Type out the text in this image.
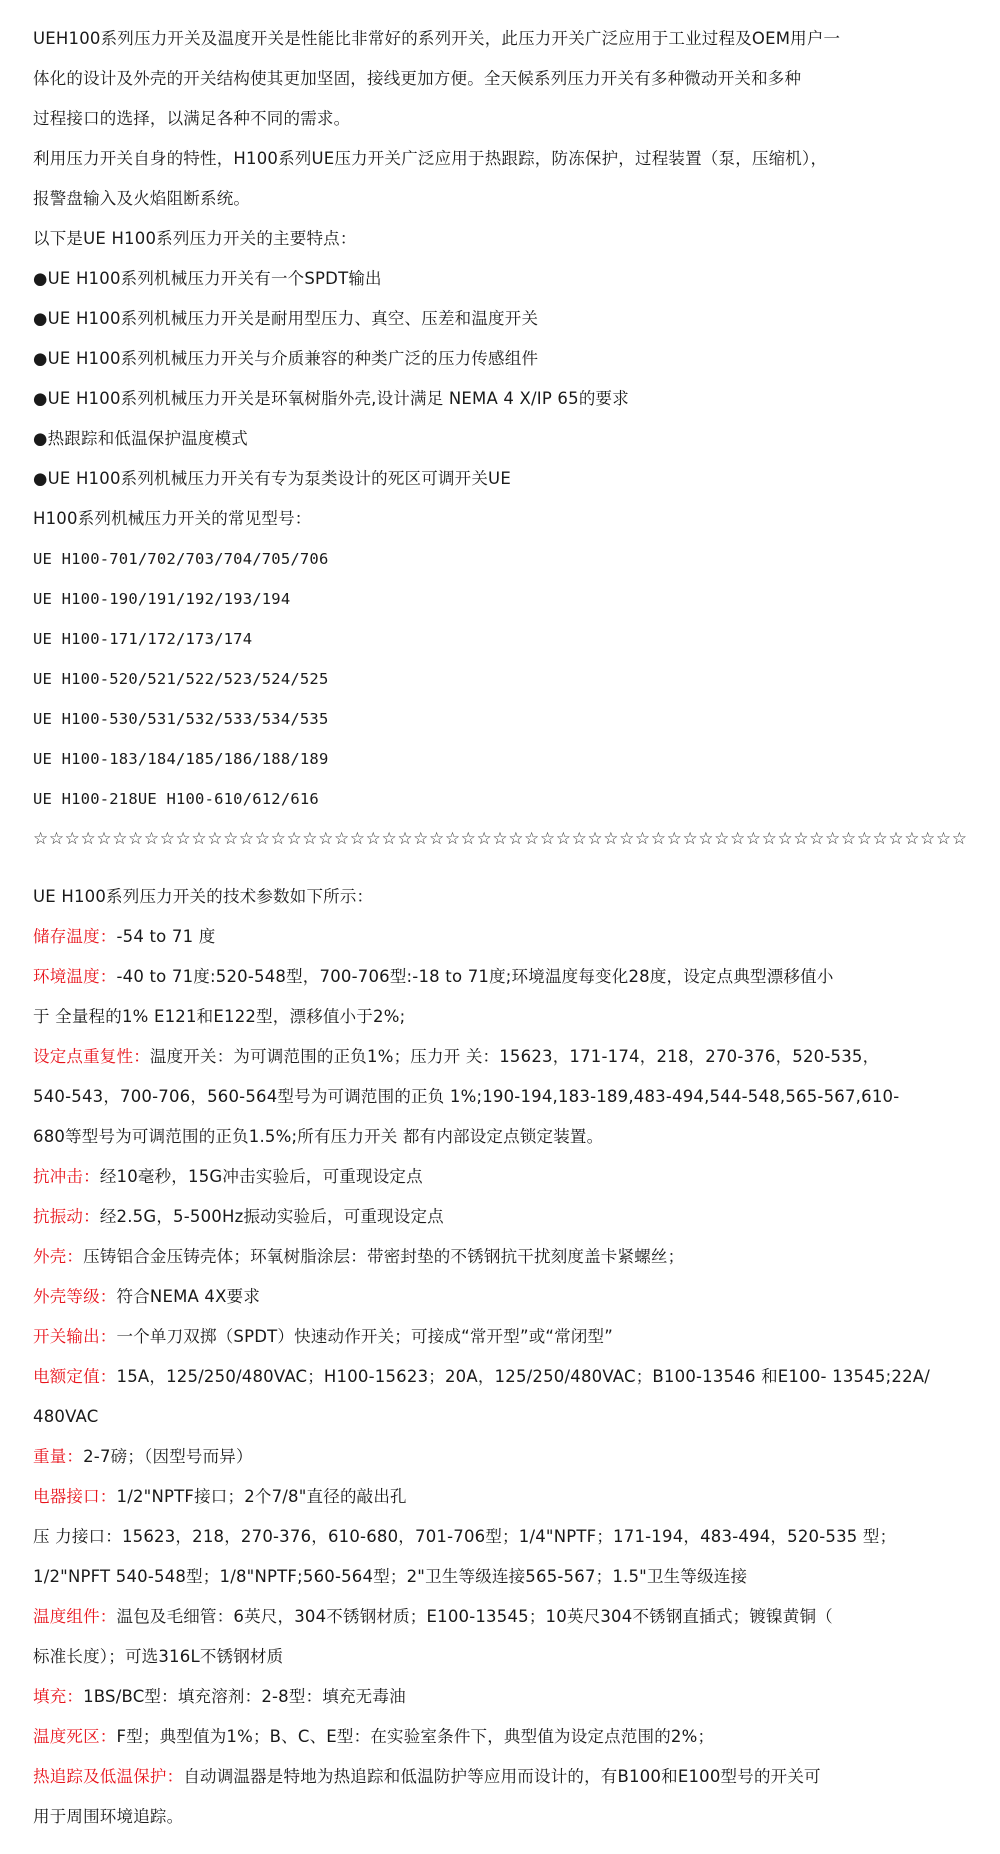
UEH100系列压力开关及温度开关是性能比非常好的系列开关，此压力开关广泛应用于工业过程及OEM用户一
体化的设计及外壳的开关结构使其更加坚固，接线更加方便。全天候系列压力开关有多种微动开关和多种
过程接口的选择，以满足各种不同的需求。
利用压力开关自身的特性，H100系列UE压力开关广泛应用于热跟踪，防冻保护，过程装置（泵，压缩机），
报警盘输入及火焰阻断系统。
以下是UE H100系列压力开关的主要特点：
●UE H100系列机械压力开关有一个SPDT输出
●UE H100系列机械压力开关是耐用型压力、真空、压差和温度开关
●UE H100系列机械压力开关与介质兼容的种类广泛的压力传感组件
●UE H100系列机械压力开关是环氧树脂外壳,设计满足 NEMA 4 X/IP 65的要求
●热跟踪和低温保护温度模式
●UE H100系列机械压力开关有专为泵类设计的死区可调开关UE
H100系列机械压力开关的常见型号：
UE H100-701/702/703/704/705/706
UE H100-190/191/192/193/194
UE H100-171/172/173/174
UE H100-520/521/522/523/524/525
UE H100-530/531/532/533/534/535
UE H100-183/184/185/186/188/189
UE H100-218UE H100-610/612/616
☆☆☆☆☆☆☆☆☆☆☆☆☆☆☆☆☆☆☆☆☆☆☆☆☆☆☆☆☆☆☆☆☆☆☆☆☆☆☆☆☆☆☆☆☆☆☆☆☆☆☆☆☆☆☆☆☆☆☆
UE H100系列压力开关的技术参数如下所示：
储存温度：-54 to 71 度
环境温度：-40 to 71度:520-548型，700-706型:-18 to 71度;环境温度每变化28度，设定点典型漂移值小
于 全量程的1% E121和E122型，漂移值小于2%;
设定点重复性：温度开关：为可调范围的正负1%；压力开 关：15623，171-174，218，270-376，520-535，
540-543，700-706，560-564型号为可调范围的正负 1%;190-194,183-189,483-494,544-548,565-567,610-
680等型号为可调范围的正负1.5%;所有压力开关 都有内部设定点锁定装置。
抗冲击：经10毫秒，15G冲击实验后，可重现设定点
抗振动：经2.5G，5-500Hz振动实验后，可重现设定点
外壳：压铸铝合金压铸壳体；环氧树脂涂层：带密封垫的不锈钢抗干扰刻度盖卡紧螺丝；
外壳等级：符合NEMA 4X要求
开关输出：一个单刀双掷（SPDT）快速动作开关；可接成“常开型”或“常闭型”
电额定值：15A，125/250/480VAC；H100-15623；20A，125/250/480VAC；B100-13546 和E100- 13545;22A/
480VAC
重量：2-7磅；（因型号而异）
电器接口：1/2"NPTF接口；2个7/8"直径的敲出孔
压 力接口：15623，218，270-376，610-680，701-706型；1/4"NPTF；171-194，483-494，520-535 型；
1/2"NPFT 540-548型；1/8"NPTF;560-564型；2"卫生等级连接565-567；1.5"卫生等级连接
温度组件：温包及毛细管：6英尺，304不锈钢材质；E100-13545；10英尺304不锈钢直插式；镀镍黄铜（
标准长度）；可选316L不锈钢材质
填充：1BS/BC型：填充溶剂：2-8型：填充无毒油
温度死区：F型；典型值为1%；B、C、E型：在实验室条件下，典型值为设定点范围的2%；
热追踪及低温保护：自动调温器是特地为热追踪和低温防护等应用而设计的，有B100和E100型号的开关可
用于周围环境追踪。
